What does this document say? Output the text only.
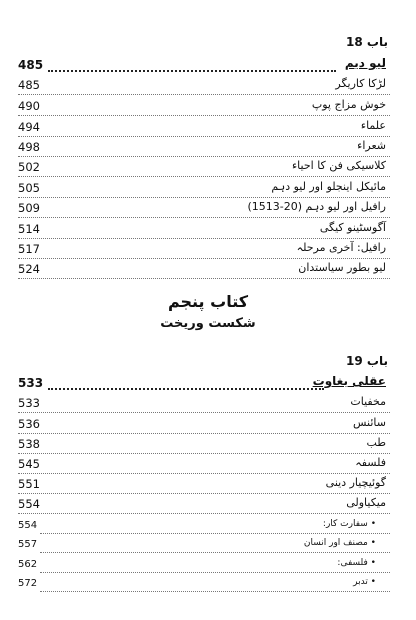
باب 18
485	لیو دیم
485	لڑکا کاریگر
490	خوش مزاج پوپ
494	علماء
498	شعراء
502	کلاسیکی فن کا احیاء
505	مائیکل اینجلو اور لیو دہم
509	رافیل اور لیو دہم (20-1513)
514	آگوسٹینو کیگی
517	رافیل: آخری مرحلہ
524	لیو بطور سیاستدان
کتاب پنجم
شکست وریخت
باب 19
533	عقلی بغاوت
533	مخفیات
536	سائنس
538	طب
545	فلسفہ
551	گوئیچیار دینی
554	میکیاولی
554	• سفارت کار:
557	• مصنف اور انسان
562	• فلسفی:
572	• تدبر
